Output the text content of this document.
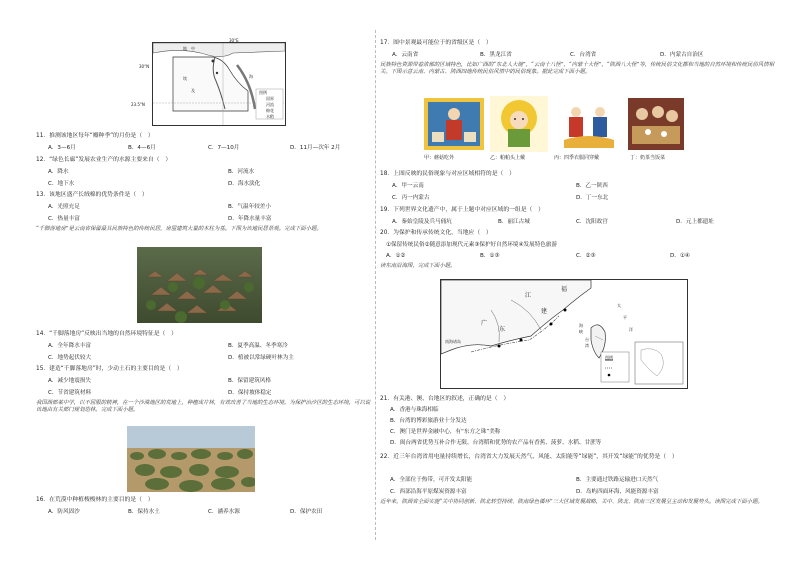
30°E
30°N
23.5°N
地 中
埃
及
海
图例
国界
河流
棉花
水稻
11．推测该地区每年“瓣种季”的月份是（　）
A．3—6月	B．4—6月	C．7—10月	D．11月—次年 2月
12．“绿色长廊”发展农业生产的水源主要来自（　）
A．降水	B．河流水
C．地下水	D．海水淡化
13．该地区盛产长绒棉的优势条件是（　）
A．光照充足	B．气温年较差小
C．热量丰富	D．年降水量丰富
“千脚落地房”是云南省保留最具民族特色的传统民居，房屋建筑大量的木柱为基。下图为该地民居景观。完成下面小题。
14．“千脚落地房”反映出当地的自然环境特征是（　）
A．全年降水丰富	B．夏季高温、冬季寒冷
C．地势起伏较大	D．植被以常绿硬叶林为主
15．建造“千脚落地房”时，少动土石的主要目的是（　）
A．减少地震损失	B．保留建筑风格
C．节省建筑材料	D．保持坡体稳定
我国西部某中学，以不屈服的精神，在一个沙漠地区的荒地上，种植成片林，有效改善了当地的生态环境。为保护治沙区的生态环境，可以说该地由有关部门规划造林。完成下面小题。
16．在荒漠中种植梭梭林的主要目的是（　）
A．防风固沙	B．保持水土	C．涵养水源	D．保护农田
17．图中景观最可能位于的省级区是（　）
A．云南省	B．黑龙江省	C．台湾省	D．内蒙古自治区
民族特色资源带着浓郁的区域特色，比如广西的“东北人大链”，“云南十八怪”，“内蒙十大怪”，“陕西八大怪”等，传统民俗文化都和当地的自然环境和传统民俗风情相关。下图示意云南、内蒙古、陕西四地传统民俗风情中的民俗现象。据此完成下面小题。
甲：蘑菇吃外	乙：帕帕头上戴	丙：四季衣服同穿戴	丁：奶茶当饭菜
18．上图反映的民俗现象与对应区域相符的是（　）
A．甲一云南	B．乙一陕西
C．丙一内蒙古	D．丁一东北
19．下列世界文化遗产中，属于上题中对应区域的一组是（　）
A．秦始皇陵及兵马俑坑	B．丽江古城	C．沈阳故宫	D．元上都遗址
20．为保护和传承传统文化，当地应（　）
①保留传统民俗②随意添加现代元素③保护好自然环境④发展特色旅游
A．①②	B．①③	C．②③	D．①④
读东南沿海图，完成下面小题。
福
建
广
东
江
台
湾
海
峡
太
平
洋
南海诸岛
图例
21．有关港、澳、台地区的叙述，正确的是（　）
A．香港与珠海相临
B．台湾的博彩旅游业十分发达
C．澳门是世界金融中心，有“东方之珠”美称
D．闽台两省优势互补合作无限，台湾稻和优势的农产品有香蕉、菠萝、水稻、甘蔗等
22．近三年台湾省用电量持续增长，台湾省大力发展天然气、风能、太阳能等“绿能”，其开发“绿能”的优势是（　）
A．全部位于热带，可开发太阳能	B．主要通过铁路运输进口天然气
C．西部沿海平原煤炭资源丰富	D．岛屿四面环海，风能资源丰富
近年来，陕西省全面实施“关中协同创新、陕北转型持续、陕南绿色循环”三大区域发展战略，关中、陕北、陕南三区发展呈主动和发展势头。读图完成下面小题。
